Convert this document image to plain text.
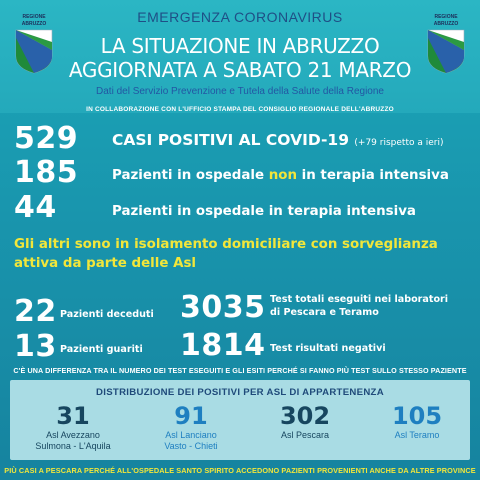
REGIONE
ABRUZZO
REGIONE
ABRUZZO
EMERGENZA CORONAVIRUS
LA SITUAZIONE IN ABRUZZO
AGGIORNATA A SABATO 21 MARZO
Dati del Servizio Prevenzione e Tutela della Salute della Regione
IN COLLABORAZIONE CON L'UFFICIO STAMPA DEL CONSIGLIO REGIONALE DELL'ABRUZZO
529 CASI POSITIVI AL COVID-19 (+79 rispetto a ieri)
185	Pazienti in ospedale non in terapia intensiva
44	Pazienti in ospedale in terapia intensiva
Gli altri sono in isolamento domiciliare con sorveglianza
attiva da parte delle Asl
22 Pazienti deceduti
13 Pazienti guariti
3035 Test totali eseguiti nei laboratori
di Pescara e Teramo
1814 Test risultati negativi
C'È UNA DIFFERENZA TRA IL NUMERO DEI TEST ESEGUITI E GLI ESITI PERCHÉ SI FANNO PIÙ TEST SULLO STESSO PAZIENTE
DISTRIBUZIONE DEI POSITIVI PER ASL DI APPARTENENZA
31
Asl Avezzano
Sulmona - L'Aquila
91
Asl Lanciano
Vasto - Chieti
302
Asl Pescara
105
Asl Teramo
PIÙ CASI A PESCARA PERCHÉ ALL'OSPEDALE SANTO SPIRITO ACCEDONO PAZIENTI PROVENIENTI ANCHE DA ALTRE PROVINCE
